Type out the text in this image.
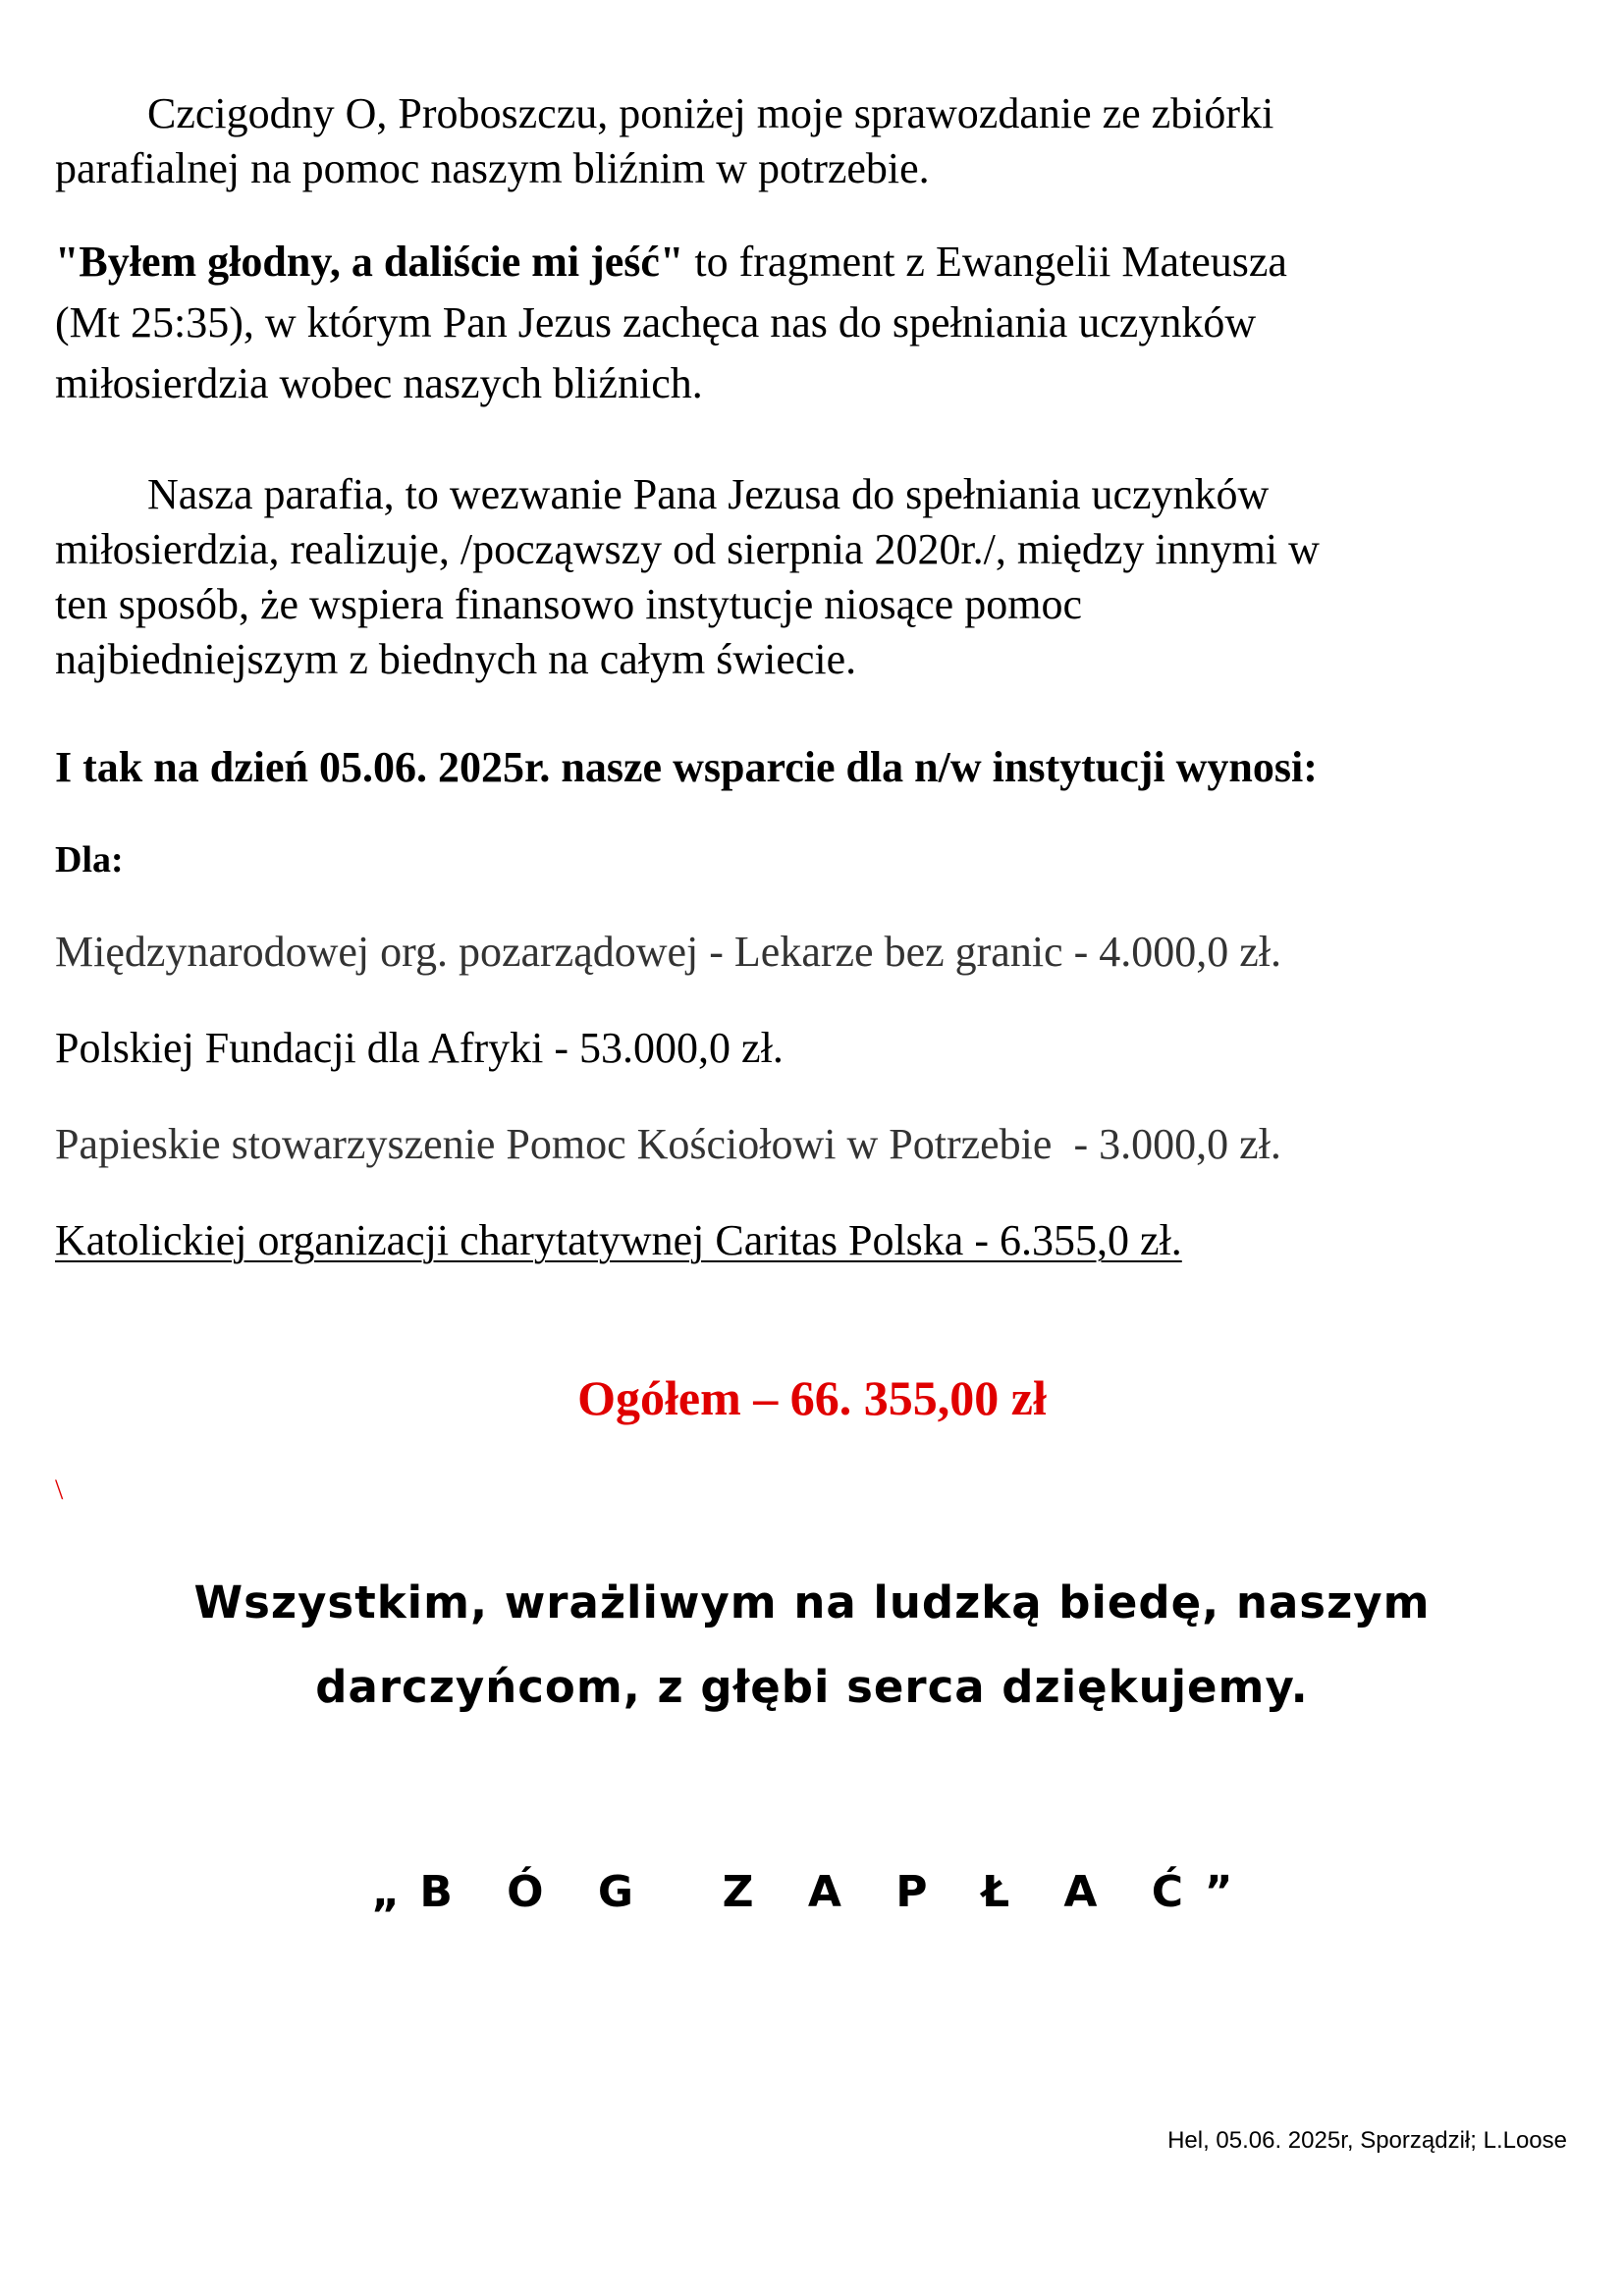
Czcigodny O, Proboszczu, poniżej moje sprawozdanie ze zbiórki
parafialnej na pomoc naszym bliźnim w potrzebie.

"Byłem głodny, a daliście mi jeść" to fragment z Ewangelii Mateusza
(Mt 25:35), w którym Pan Jezus zachęca nas do spełniania uczynków
miłosierdzia wobec naszych bliźnich.

Nasza parafia, to wezwanie Pana Jezusa do spełniania uczynków
miłosierdzia, realizuje, /począwszy od sierpnia 2020r./, między innymi w
ten sposób, że wspiera finansowo instytucje niosące pomoc
najbiedniejszym z biednych na całym świecie.

I tak na dzień 05.06. 2025r. nasze wsparcie dla n/w instytucji wynosi:

Dla:

Międzynarodowej org. pozarządowej - Lekarze bez granic - 4.000,0 zł.

Polskiej Fundacji dla Afryki - 53.000,0 zł.

Papieskie stowarzyszenie Pomoc Kościołowi w Potrzebie  - 3.000,0 zł.

Katolickiej organizacji charytatywnej Caritas Polska - 6.355,0 zł.

Ogółem – 66. 355,00 zł
\
Wszystkim, wrażliwym na ludzką biedę, naszym
darczyńcom, z głębi serca dziękujemy.
„B Ó G  Z A P Ł A Ć”
Hel, 05.06. 2025r, Sporządził; L.Loose
